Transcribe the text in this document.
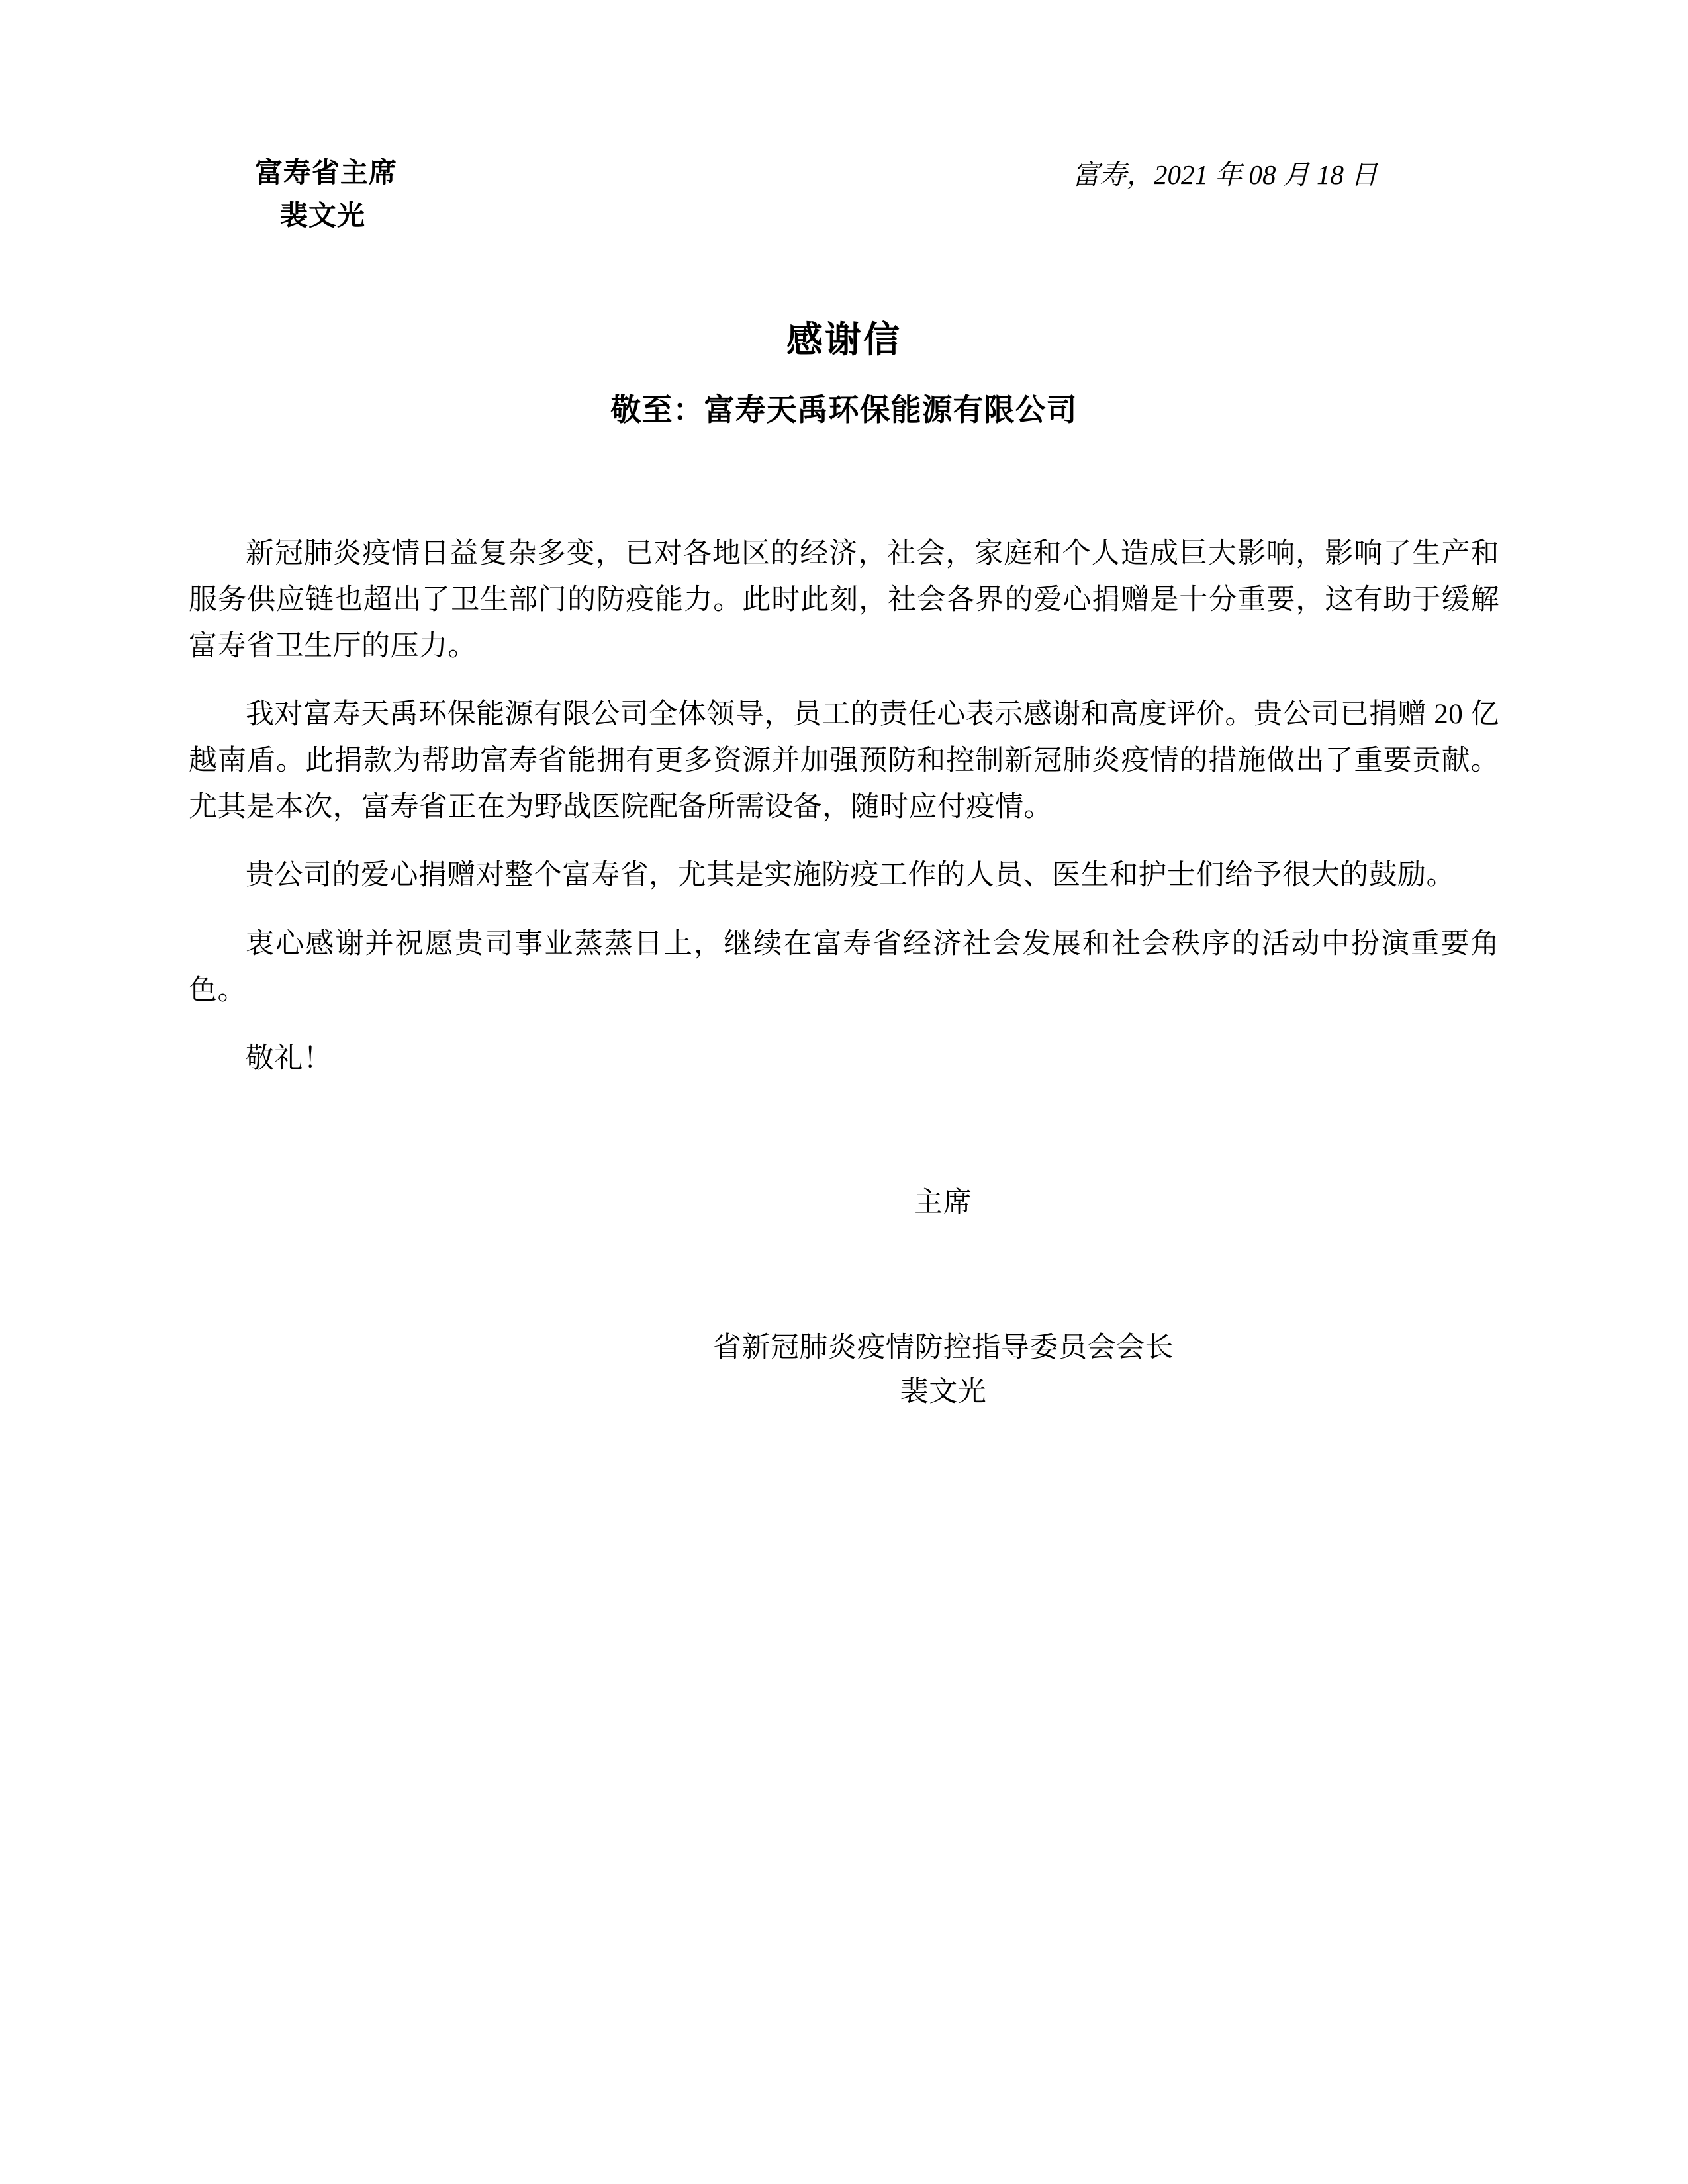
富寿省主席
裴文光
富寿，2021 年 08 月 18 日
感谢信
敬至：富寿天禹环保能源有限公司

新冠肺炎疫情日益复杂多变，已对各地区的经济，社会，家庭和个人造成巨大影响，影响了生产和服务供应链也超出了卫生部门的防疫能力。此时此刻，社会各界的爱心捐赠是十分重要，这有助于缓解富寿省卫生厅的压力。

我对富寿天禹环保能源有限公司全体领导，员工的责任心表示感谢和高度评价。贵公司已捐赠 20 亿越南盾。此捐款为帮助富寿省能拥有更多资源并加强预防和控制新冠肺炎疫情的措施做出了重要贡献。尤其是本次，富寿省正在为野战医院配备所需设备，随时应付疫情。

贵公司的爱心捐赠对整个富寿省，尤其是实施防疫工作的人员、医生和护士们给予很大的鼓励。

衷心感谢并祝愿贵司事业蒸蒸日上，继续在富寿省经济社会发展和社会秩序的活动中扮演重要角色。

敬礼！

主席
省新冠肺炎疫情防控指导委员会会长
裴文光
